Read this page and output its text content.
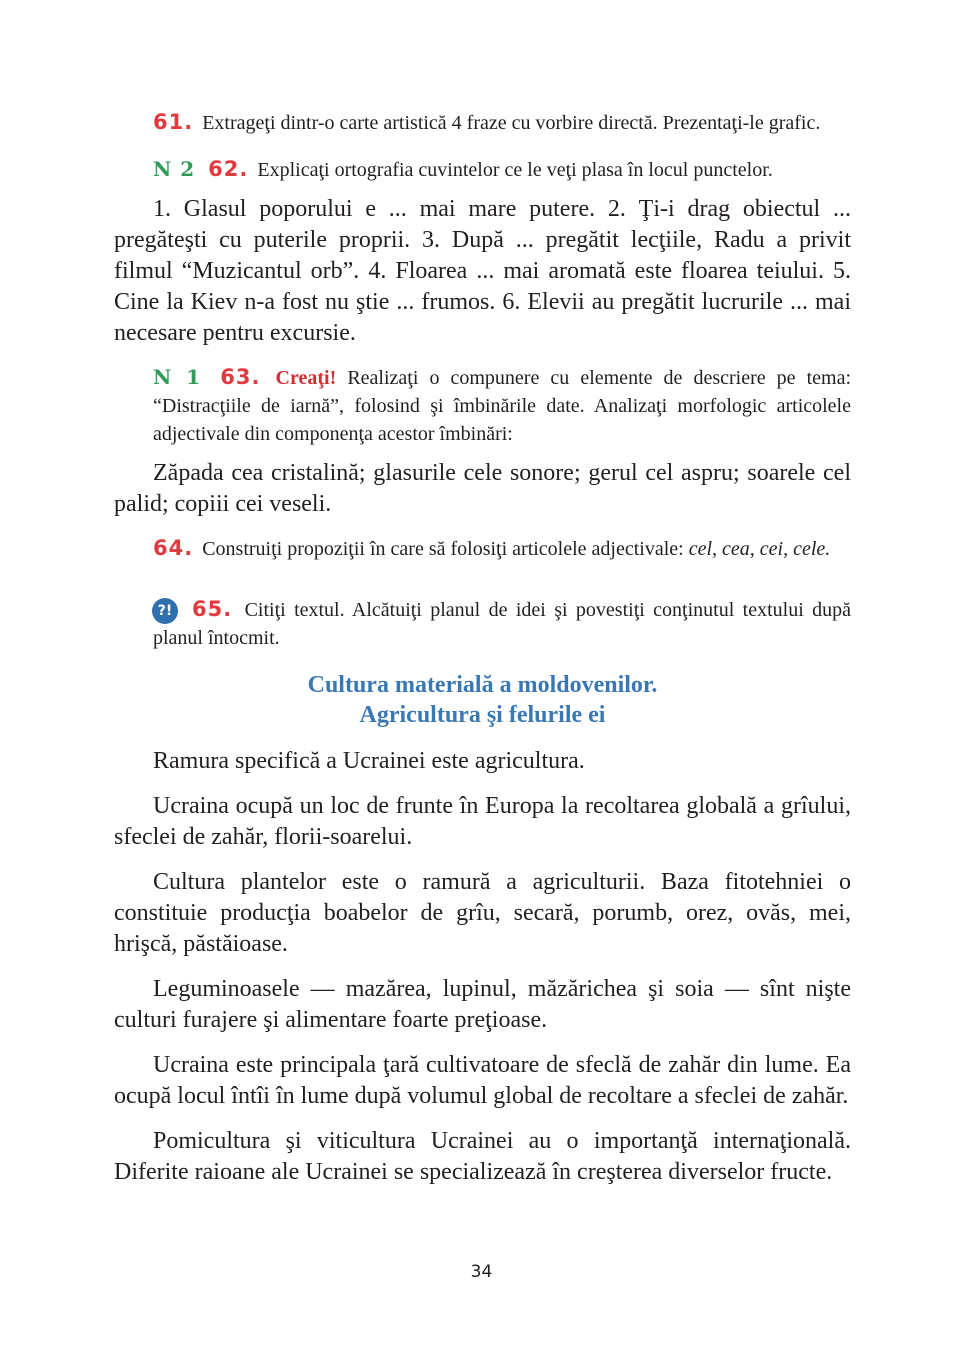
61. Extrageţi dintr-o carte artistică 4 fraze cu vorbire directă. Prezentaţi-le grafic.
N 2 62. Explicaţi ortografia cuvintelor ce le veţi plasa în locul punctelor.

1. Glasul poporului e ... mai mare putere. 2. Ţi-i drag obiectul ... pregăteşti cu puterile proprii. 3. După ... pregătit lecţiile, Radu a privit filmul “Muzicantul orb”. 4. Floarea ... mai aromată este floarea teiului. 5. Cine la Kiev n-a fost nu ştie ... frumos. 6. Elevii au pregătit lucrurile ... mai necesare pentru excursie.

N 1 63. Creaţi! Realizaţi o compunere cu elemente de descriere pe tema: “Distracţiile de iarnă”, folosind şi îmbinările date. Analizaţi morfologic articolele adjectivale din componenţa acestor îmbinări:

Zăpada cea cristalină; glasurile cele sonore; gerul cel aspru; soarele cel palid; copiii cei veseli.

64. Construiţi propoziţii în care să folosiţi articolele adjectivale: cel, cea, cei, cele.
?! 65. Citiţi textul. Alcătuiţi planul de idei şi povestiţi conţinutul textului după planul întocmit.
Cultura materială a moldovenilor.
Agricultura şi felurile ei

Ramura specifică a Ucrainei este agricultura.

Ucraina ocupă un loc de frunte în Europa la recoltarea globală a grîului, sfeclei de zahăr, florii-soarelui.

Cultura plantelor este o ramură a agriculturii. Baza fitotehniei o constituie producţia boabelor de grîu, secară, porumb, orez, ovăs, mei, hrişcă, păstăioase.

Leguminoasele — mazărea, lupinul, măzărichea şi soia — sînt nişte culturi furajere şi alimentare foarte preţioase.

Ucraina este principala ţară cultivatoare de sfeclă de zahăr din lume. Ea ocupă locul întîi în lume după volumul global de recoltare a sfeclei de zahăr.

Pomicultura şi viticultura Ucrainei au o importanţă internaţională. Diferite raioane ale Ucrainei se specializează în creşterea diverselor fructe.

34
